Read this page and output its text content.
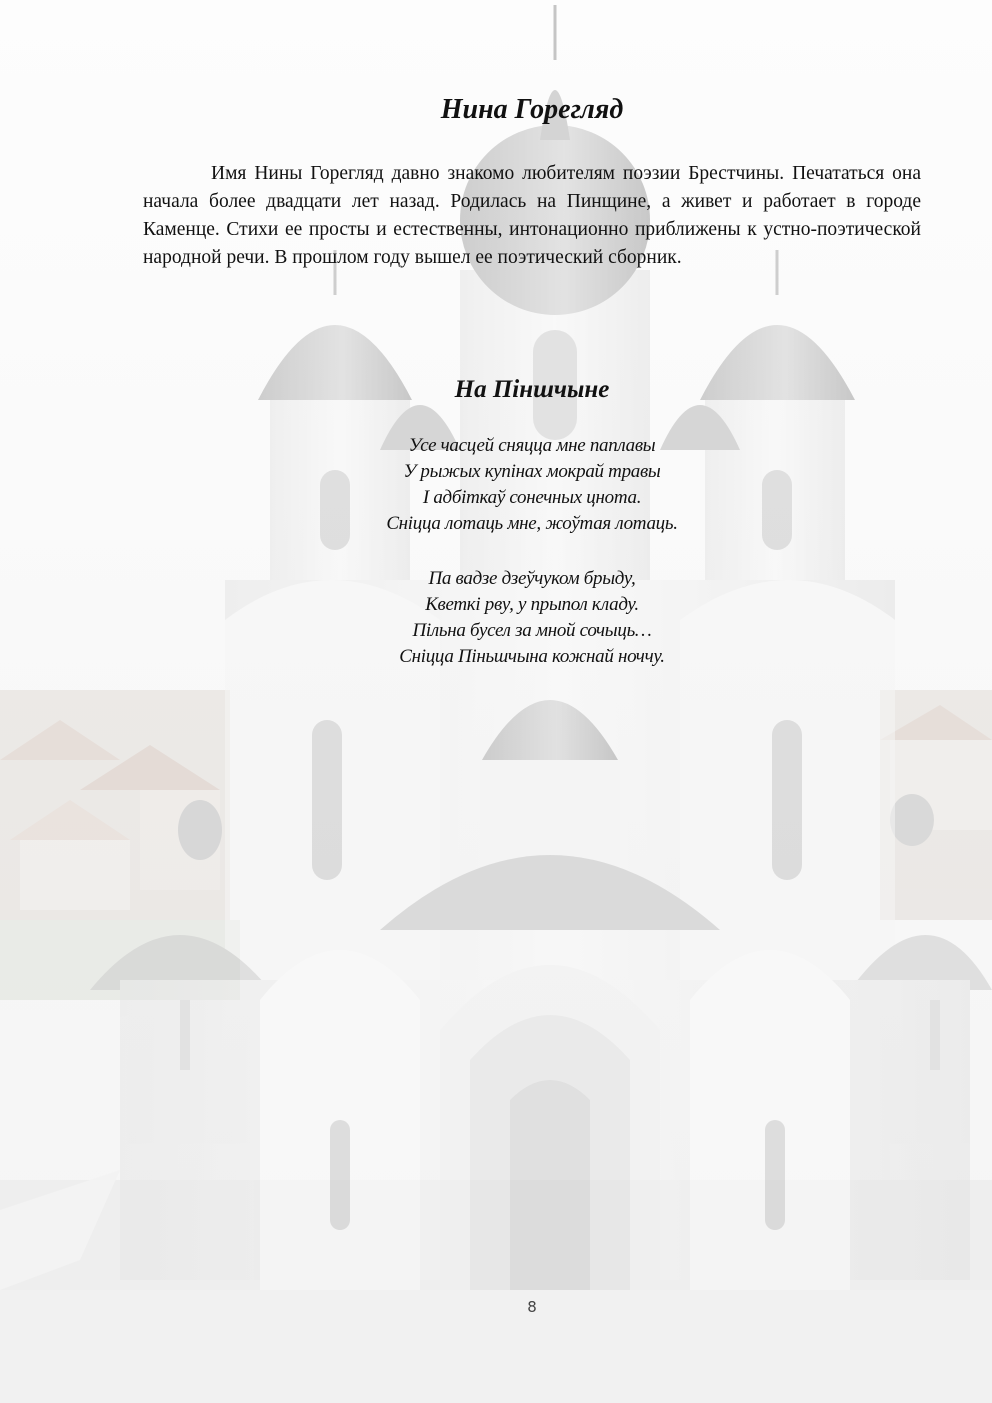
Нина Горегляд

Имя Нины Горегляд давно знакомо любителям поэзии Брестчины. Печататься она начала более двадцати лет назад. Родилась на Пинщине, а живет и работает в городе Каменце. Стихи ее просты и естественны, интонационно приближены к устно-поэтической народной речи. В прошлом году вышел ее поэтический сборник.

На Піншчыне
Усе часцей сняцца мне паплавы
У рыжых купінах мокрай травы
І адбіткаў сонечных цнота.
Сніцца лотаць мне, жоўтая лотаць.
Па вадзе дзеўчуком брыду,
Кветкі рву, у прыпол кладу.
Пільна бусел за мной сочыць…
Сніцца Піньшчына кожнай ноччу.
8
